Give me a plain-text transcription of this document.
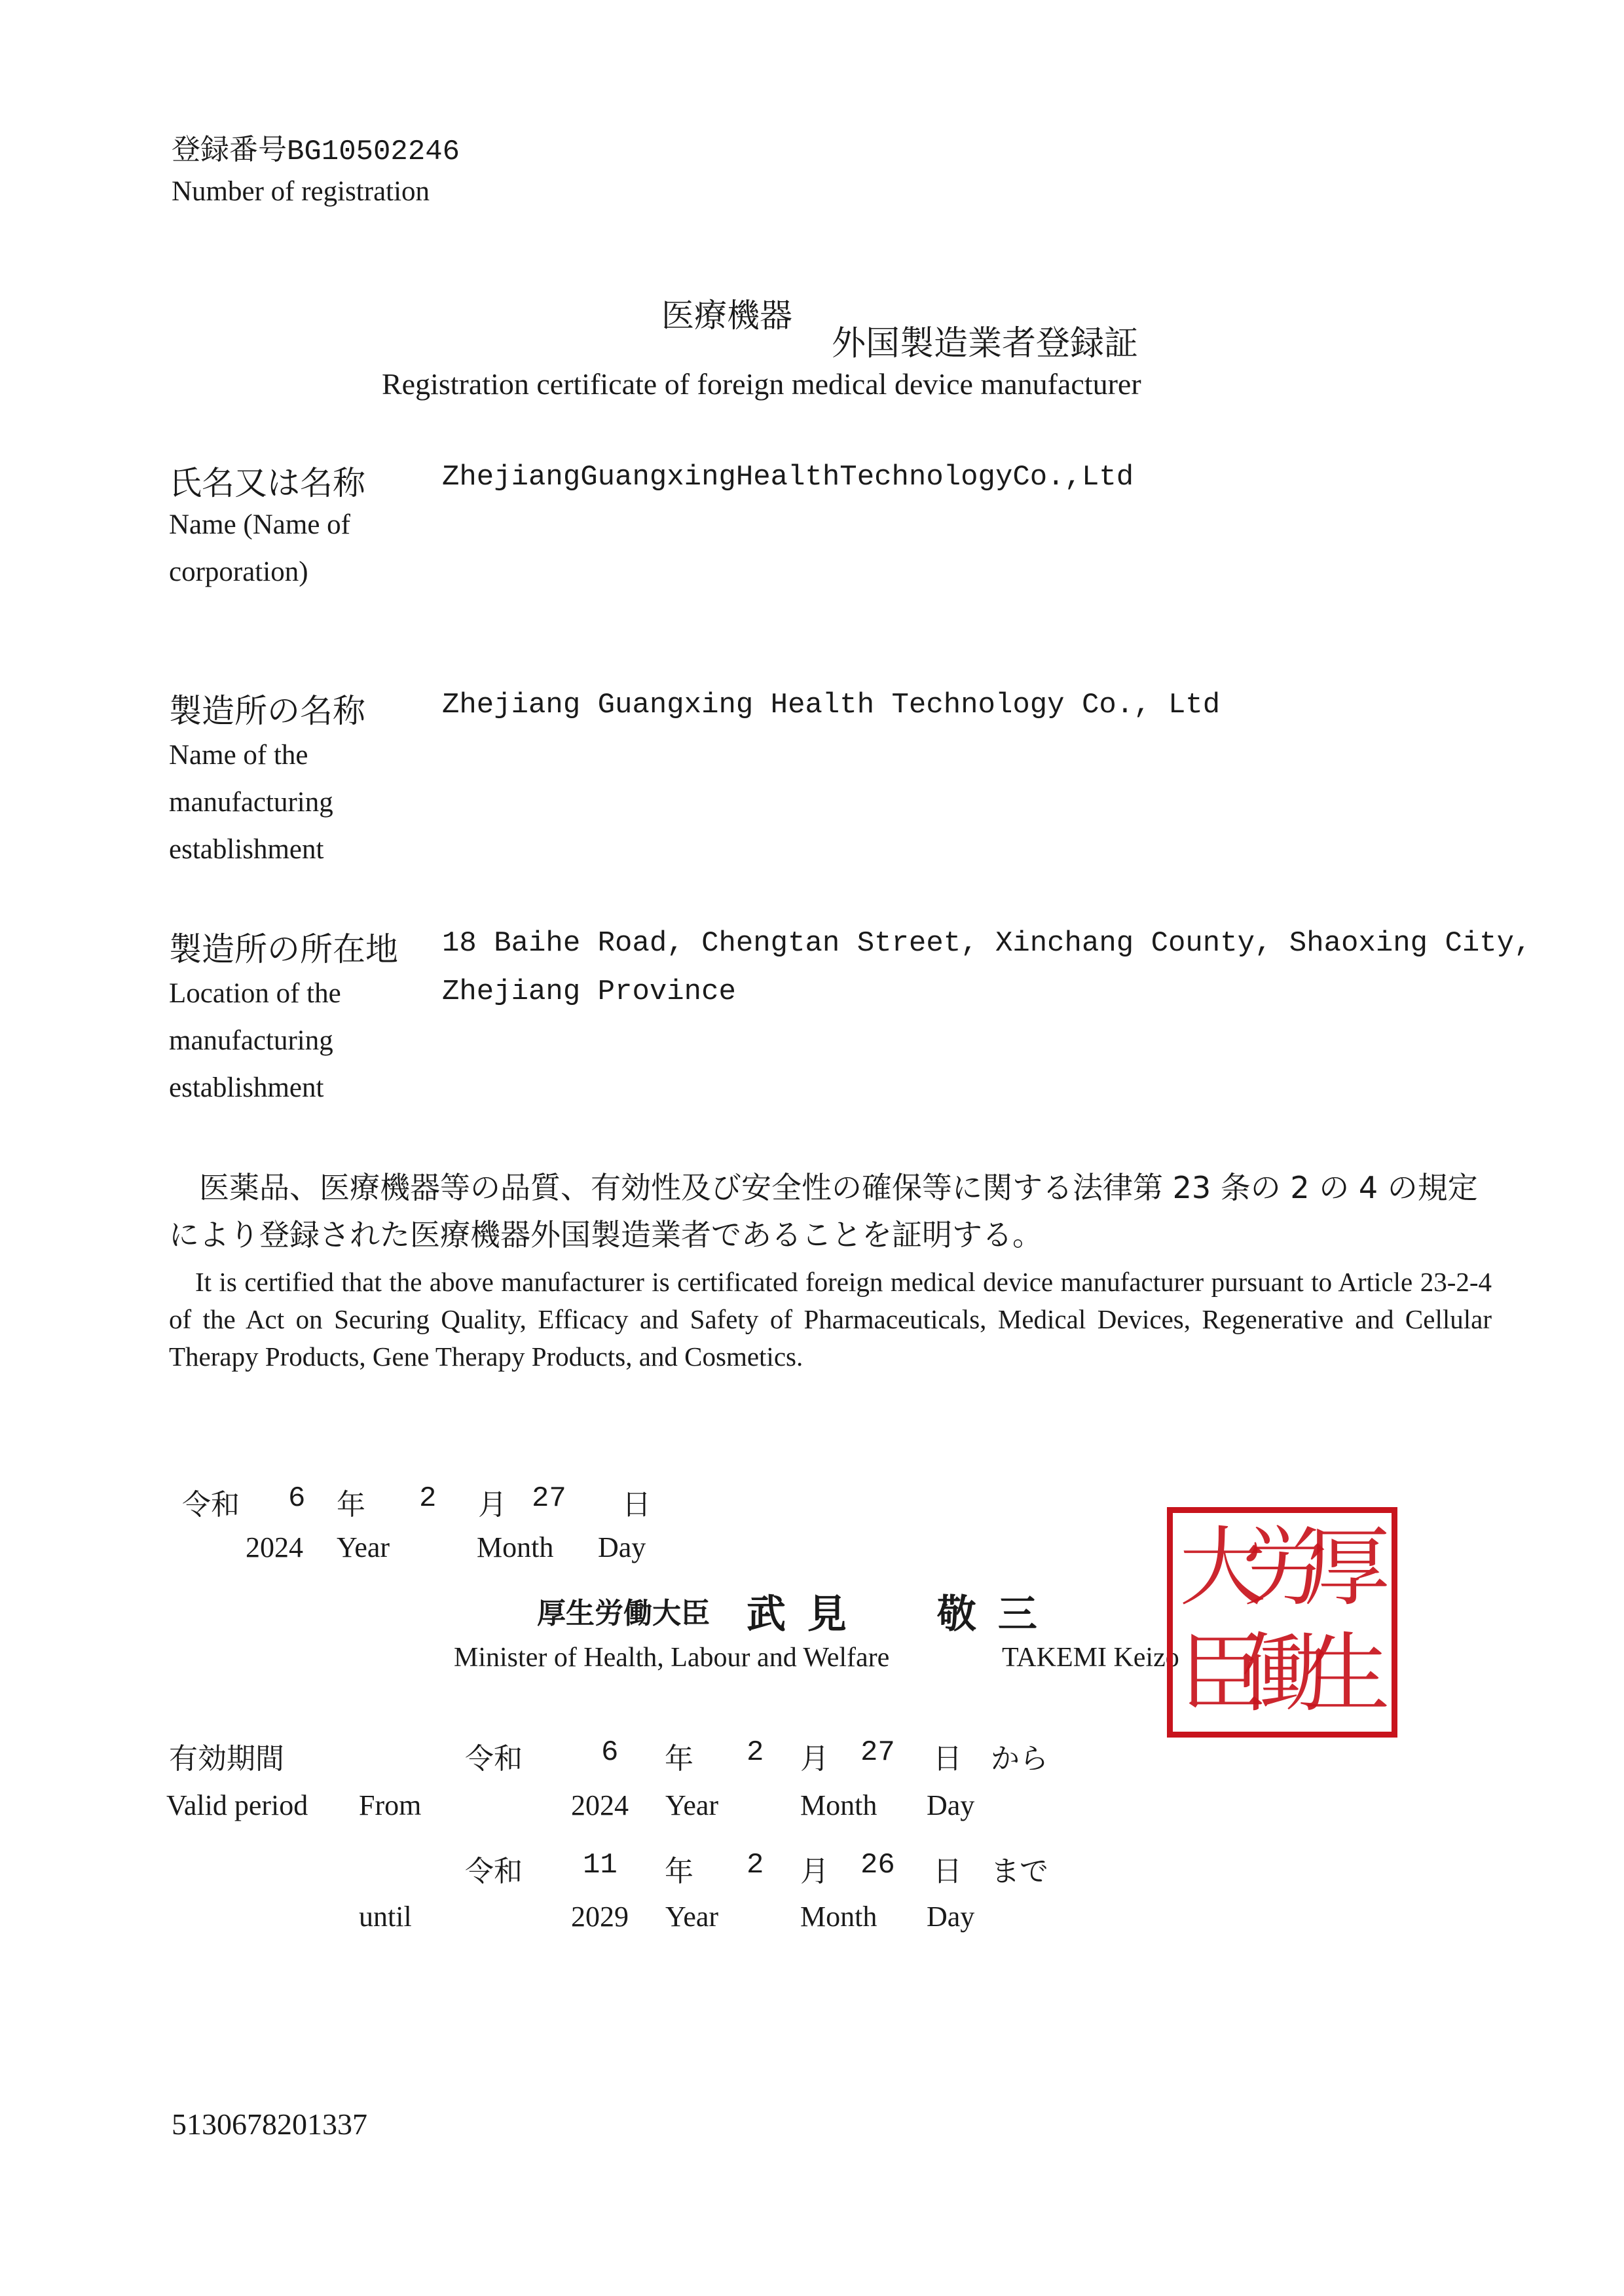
登録番号BG10502246
Number of registration
医療機器
外国製造業者登録証
Registration certificate of foreign medical device manufacturer
氏名又は名称
Name (Name of corporation)
ZhejiangGuangxingHealthTechnologyCo.,Ltd
製造所の名称
Name of the manufacturing establishment
Zhejiang Guangxing Health Technology Co., Ltd
製造所の所在地
Location of the manufacturing establishment
18 Baihe Road, Chengtan Street, Xinchang County, Shaoxing City,
Zhejiang Province
医薬品、医療機器等の品質、有効性及び安全性の確保等に関する法律第 23 条の 2 の 4 の規定により登録された医療機器外国製造業者であることを証明する。
It is certified that the above manufacturer is certificated foreign medical device manufacturer pursuant to Article 23-2-4 of the Act on Securing Quality, Efficacy and Safety of Pharmaceuticals, Medical Devices, Regenerative and Cellular Therapy Products, Gene Therapy Products, and Cosmetics.
令和 6 年 2 月 27 日
2024 Year	Month Day
厚生労働大臣 武 見　　敬 三
Minister of Health, Labour and Welfare	TAKEMI Keizo
厚
生
労
働
大
臣
有効期間
Valid period From
令和	6 年 2 月 27 日 から
2024 Year	Month Day
until
令和 11 年 2 月 26 日 まで
2029 Year	Month Day
5130678201337
